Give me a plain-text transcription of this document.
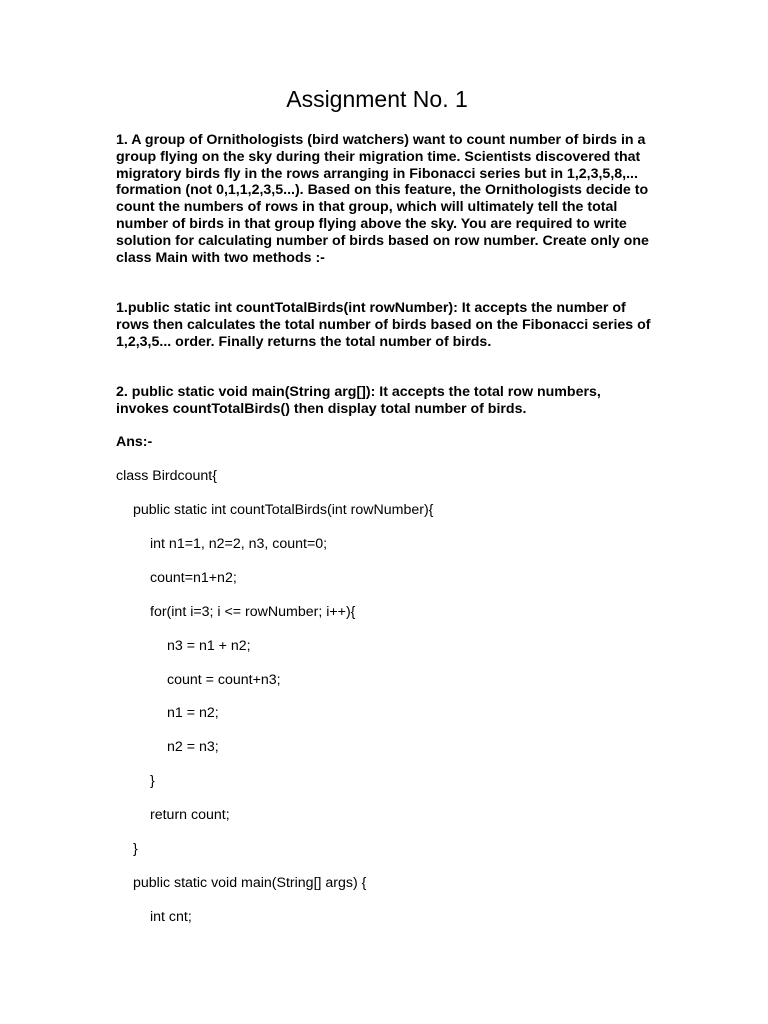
Assignment No. 1

1. A group of Ornithologists (bird watchers) want to count number of birds in a group flying on the sky during their migration time. Scientists discovered that migratory birds fly in the rows arranging in Fibonacci series but in 1,2,3,5,8,... formation (not 0,1,1,2,3,5...). Based on this feature, the Ornithologists decide to count the numbers of rows in that group, which will ultimately tell the total number of birds in that group flying above the sky. You are required to write solution for calculating number of birds based on row number. Create only one class Main with two methods :-

1.public static int countTotalBirds(int rowNumber): It accepts the number of rows then calculates the total number of birds based on the Fibonacci series of 1,2,3,5... order. Finally returns the total number of birds.

2. public static void main(String arg[]): It accepts the total row numbers, invokes countTotalBirds() then display total number of birds.

Ans:-

class Birdcount{

public static int countTotalBirds(int rowNumber){

int n1=1, n2=2, n3, count=0;

count=n1+n2;

for(int i=3; i <= rowNumber; i++){

n3 = n1 + n2;

count = count+n3;

n1 = n2;

n2 = n3;

}

return count;

}

public static void main(String[] args) {

int cnt;
